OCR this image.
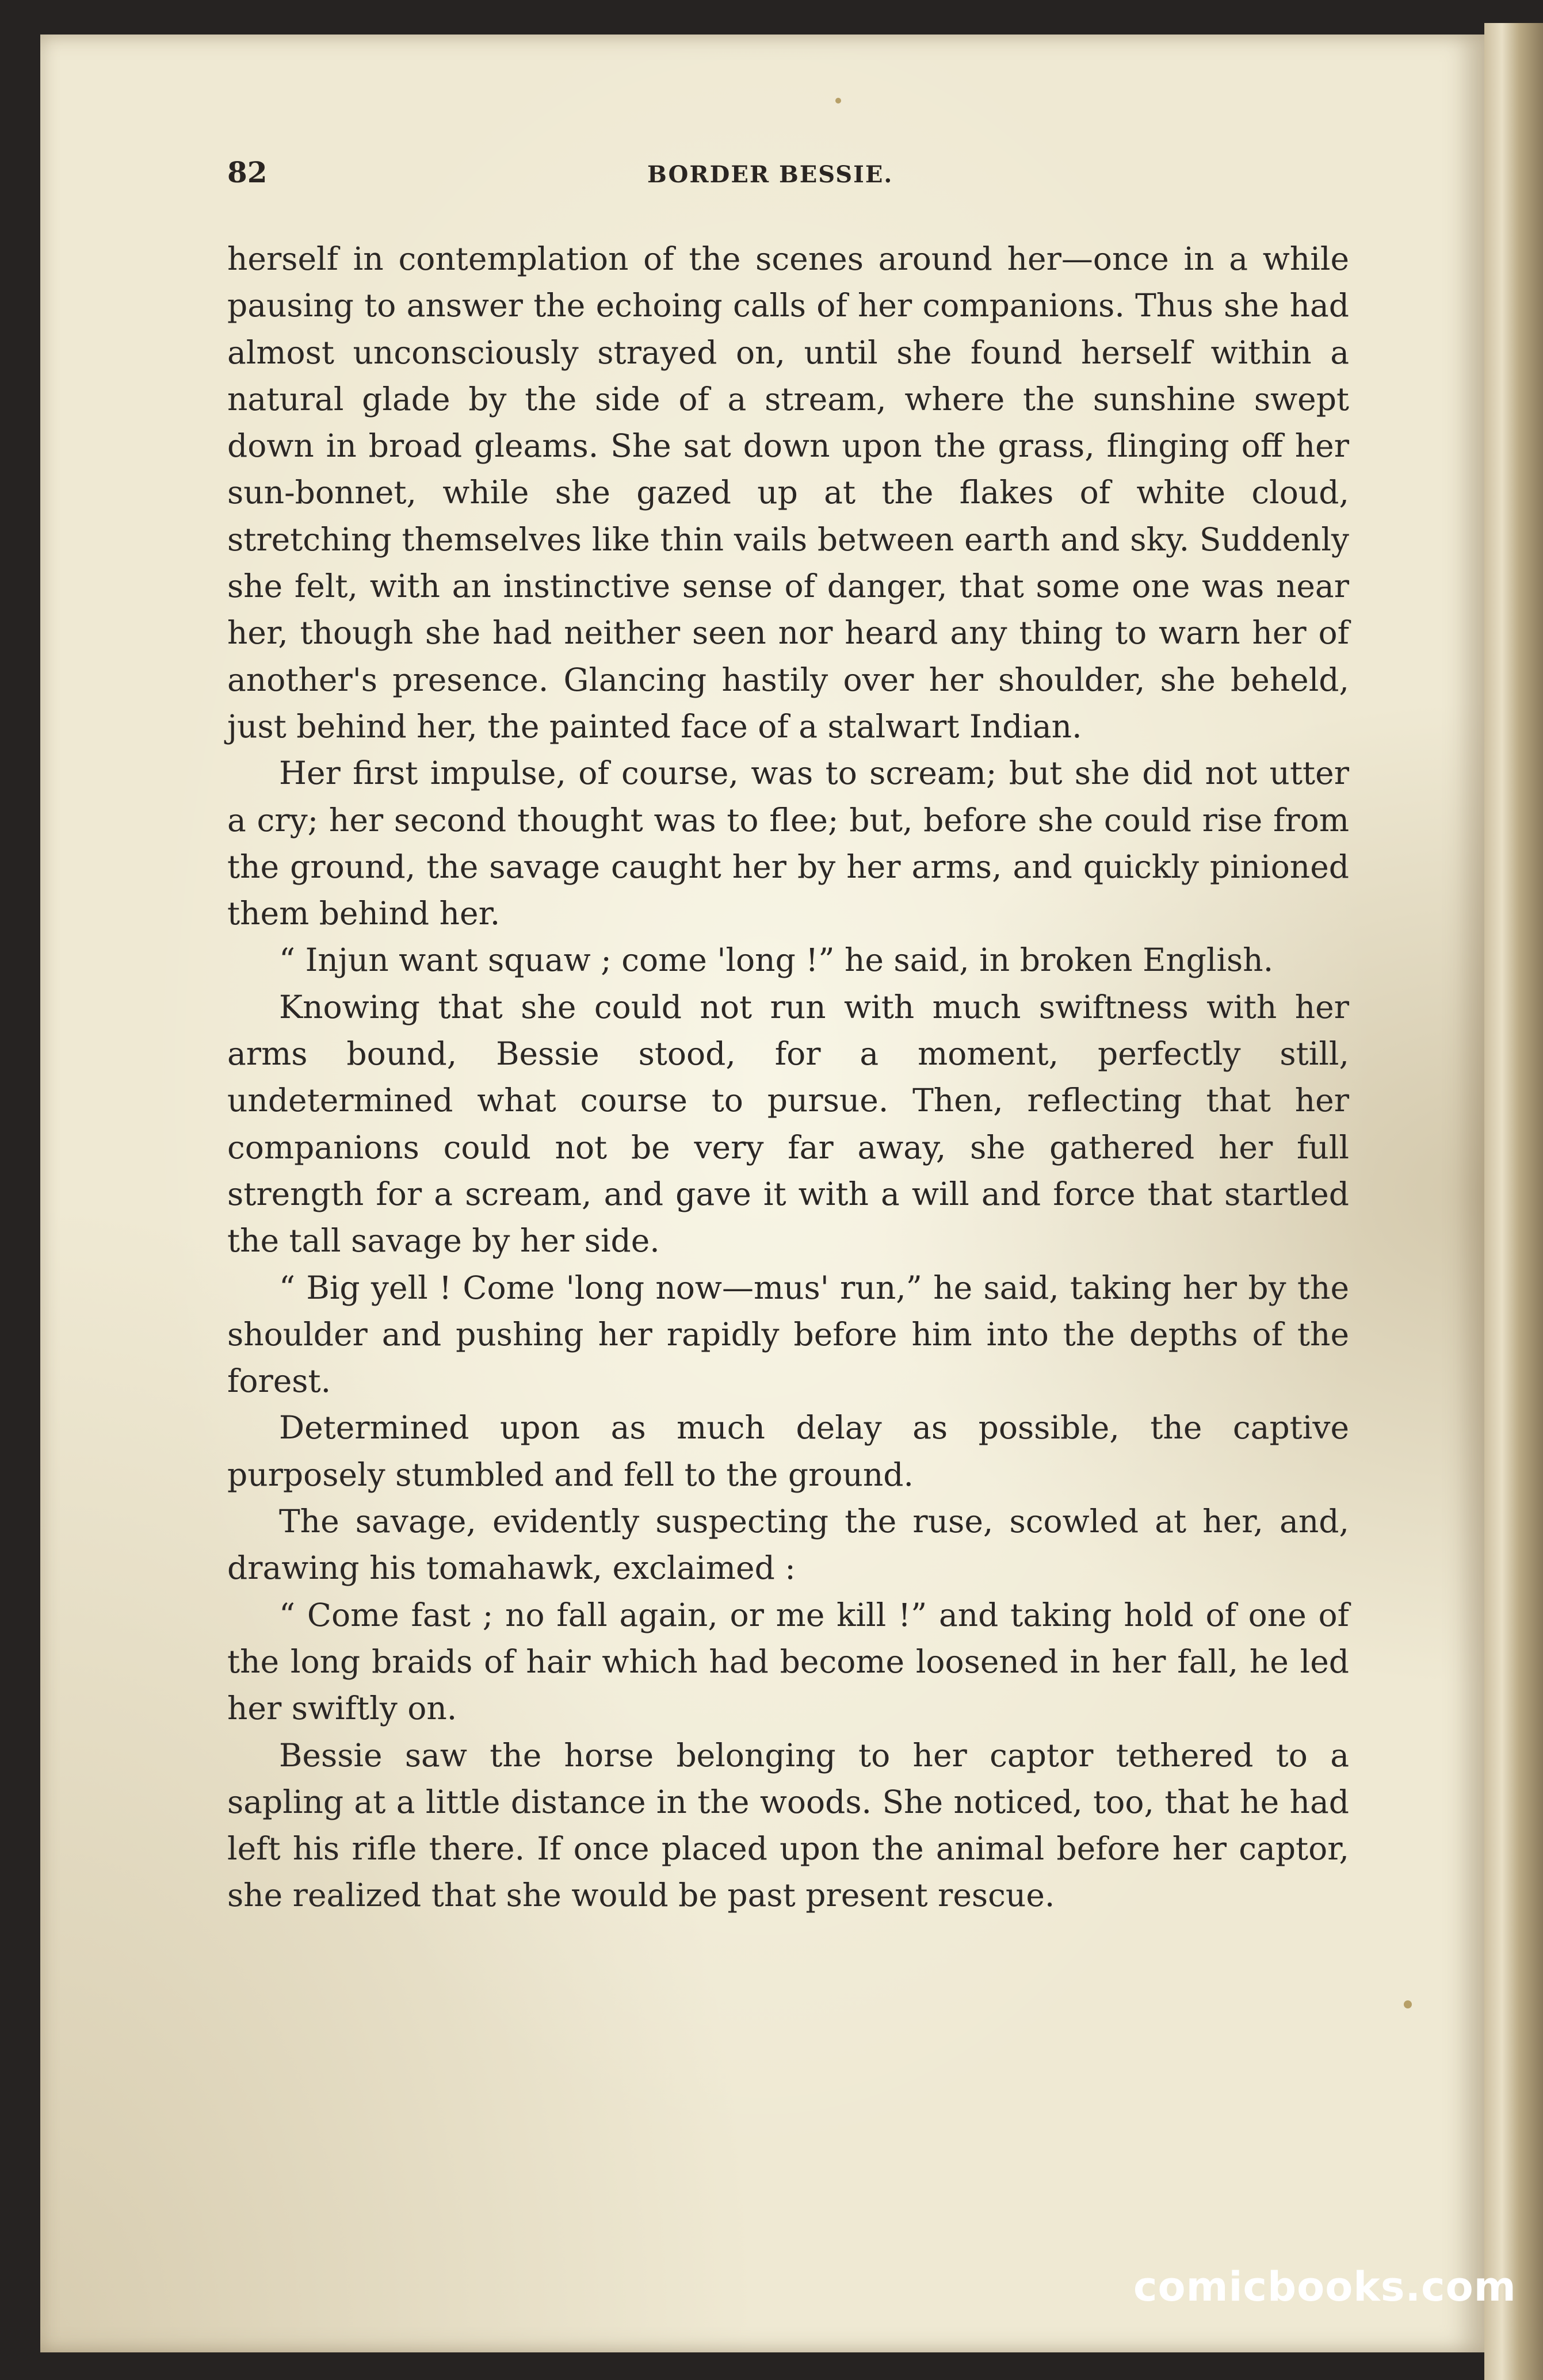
82	BORDER BESSIE.

herself in contemplation of the scenes around her—once in a while pausing to answer the echoing calls of her companions. Thus she had almost unconsciously strayed on, until she found herself within a natural glade by the side of a stream, where the sunshine swept down in broad gleams. She sat down upon the grass, flinging off her sun-bonnet, while she gazed up at the flakes of white cloud, stretching themselves like thin vails between earth and sky. Suddenly she felt, with an instinctive sense of danger, that some one was near her, though she had neither seen nor heard any thing to warn her of another's presence. Glancing hastily over her shoulder, she beheld, just behind her, the painted face of a stalwart Indian.

Her first impulse, of course, was to scream; but she did not utter a cry; her second thought was to flee; but, before she could rise from the ground, the savage caught her by her arms, and quickly pinioned them behind her.

“ Injun want squaw ; come 'long !” he said, in broken English.

Knowing that she could not run with much swiftness with her arms bound, Bessie stood, for a moment, perfectly still, undetermined what course to pursue. Then, reflecting that her companions could not be very far away, she gathered her full strength for a scream, and gave it with a will and force that startled the tall savage by her side.

“ Big yell ! Come 'long now—mus' run,” he said, taking her by the shoulder and pushing her rapidly before him into the depths of the forest.

Determined upon as much delay as possible, the captive purposely stumbled and fell to the ground.

The savage, evidently suspecting the ruse, scowled at her, and, drawing his tomahawk, exclaimed :

“ Come fast ; no fall again, or me kill !” and taking hold of one of the long braids of hair which had become loosened in her fall, he led her swiftly on.

Bessie saw the horse belonging to her captor tethered to a sapling at a little distance in the woods. She noticed, too, that he had left his rifle there. If once placed upon the animal before her captor, she realized that she would be past present rescue.

comicbooks.com
